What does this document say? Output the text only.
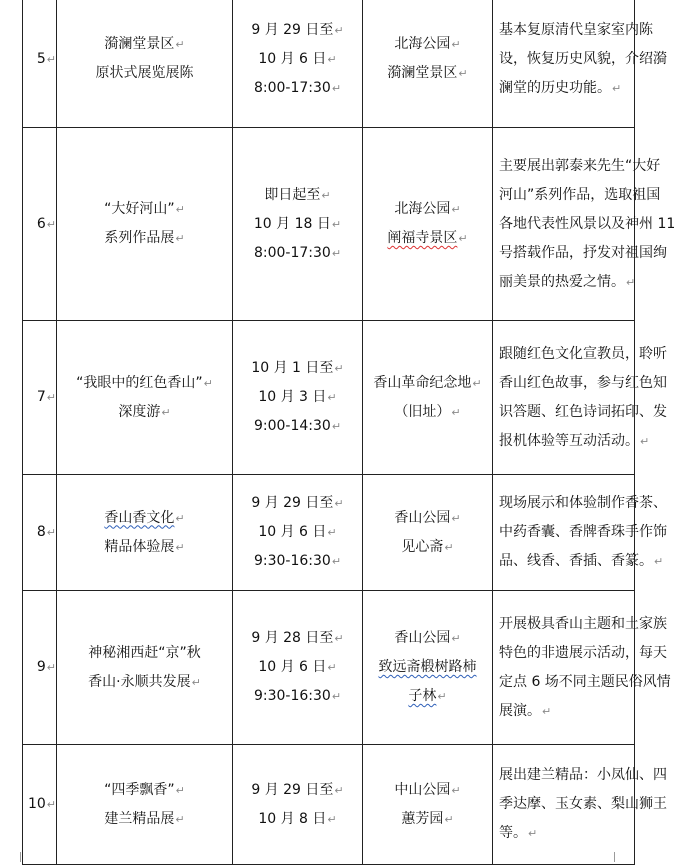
5↵	漪澜堂景区↵
原状式展览展陈	9 月 29 日至↵
10 月 6 日↵
8:00-17:30↵	北海公园↵
漪澜堂景区↵	基本复原清代皇家室内陈
设，恢复历史风貌，介绍漪
澜堂的历史功能。↵

6↵	“大好河山”↵
系列作品展↵	即日起至↵
10 月 18 日↵
8:00-17:30↵	北海公园↵
阐福寺景区↵	主要展出郭泰来先生“大好
河山”系列作品，选取祖国
各地代表性风景以及神州 11
号搭载作品，抒发对祖国绚
丽美景的热爱之情。↵

7↵	“我眼中的红色香山”↵
深度游↵	10 月 1 日至↵
10 月 3 日↵
9:00-14:30↵	香山革命纪念地↵
（旧址）↵	跟随红色文化宣教员，聆听
香山红色故事，参与红色知
识答题、红色诗词拓印、发
报机体验等互动活动。↵

8↵	香山香文化↵
精品体验展↵	9 月 29 日至↵
10 月 6 日↵
9:30-16:30↵	香山公园↵
见心斋↵	现场展示和体验制作香茶、
中药香囊、香牌香珠手作饰
品、线香、香插、香篆。↵

9↵	神秘湘西赶“京”秋
香山·永顺共发展↵	9 月 28 日至↵
10 月 6 日↵
9:30-16:30↵	香山公园↵
致远斋椴树路柿
子林↵	开展极具香山主题和土家族
特色的非遗展示活动，每天
定点 6 场不同主题民俗风情
展演。↵

10↵	“四季飘香”↵
建兰精品展↵	9 月 29 日至↵
10 月 8 日↵	中山公园↵
蕙芳园↵	展出建兰精品：小凤仙、四
季达摩、玉女素、梨山狮王
等。↵
